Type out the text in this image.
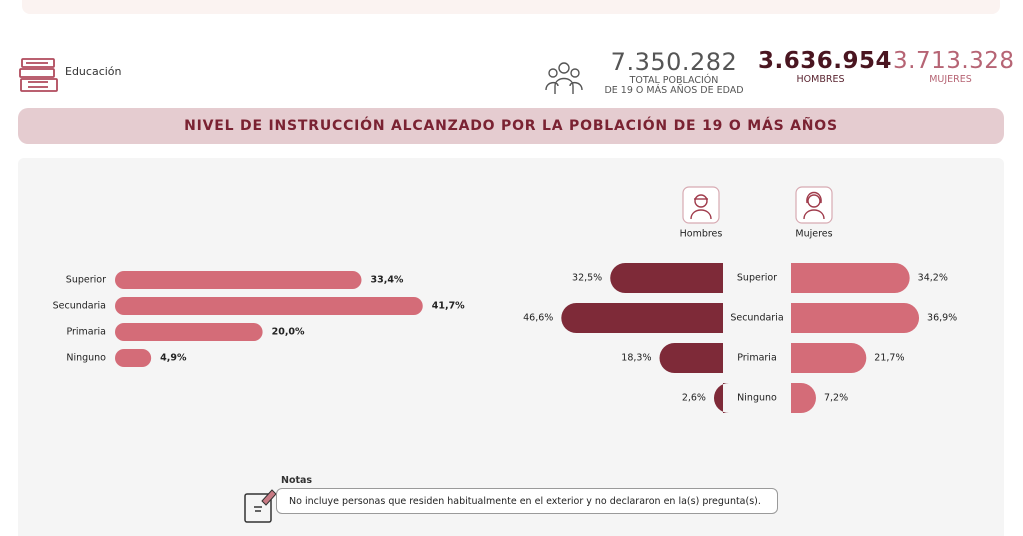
Educación	7.350.282
TOTAL POBLACIÓN
DE 19 O MÁS AÑOS DE EDAD
3.636.954
HOMBRES
3.713.328
MUJERES
NIVEL DE INSTRUCCIÓN ALCANZADO POR LA POBLACIÓN DE 19 O MÁS AÑOS
Superior	33,4%
Secundaria	41,7%
Primaria	20,0%
Ninguno	4,9%
Hombres	Mujeres
32,5%	34,2%
Superior
46,6%	36,9%
Secundaria
18,3%	21,7%
Primaria
2,6%	7,2%
Ninguno
Notas
No incluye personas que residen habitualmente en el exterior y no declararon en la(s) pregunta(s).
